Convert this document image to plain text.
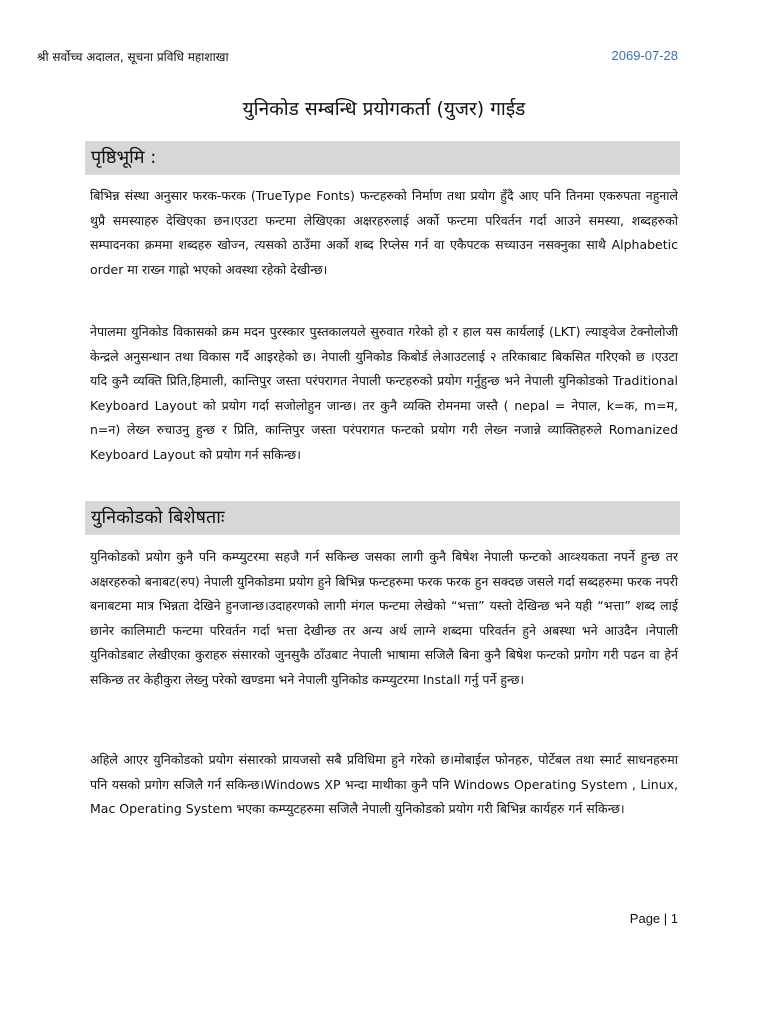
श्री सर्वोच्च अदालत, सूचना प्रविधि महाशाखा	2069-07-28
युनिकोड सम्बन्धि प्रयोगकर्ता (युजर) गाईड
पृष्ठिभूमि :

बिभिन्न संस्था अनुसार फरक-फरक (TrueType Fonts) फन्टहरुको निर्माण तथा प्रयोग हुँदै आए पनि तिनमा एकरुपता नहुनाले थुप्रै समस्याहरु देखिएका छन।एउटा फन्टमा लेखिएका अक्षरहरुलाई अर्को फन्टमा परिवर्तन गर्दा आउने समस्या, शब्दहरुको सम्पादनका क्रममा शब्दहरु खोज्न, त्यसको ठाउँमा अर्को शब्द रिप्लेस गर्न वा एकैपटक सच्याउन नसक्नुका साथै Alphabetic order मा राख्न गाह्रो भएको अवस्था रहेको देखीन्छ।

नेपालमा युनिकोड विकासको क्रम मदन पुरस्कार पुस्तकालयले सुरुवात गरेको हो र हाल यस कार्यलाई (LKT) ल्याङ्वेज टेक्नोलोजी केन्द्रले अनुसन्धान तथा विकास गर्दै आइरहेको छ। नेपाली युनिकोड किबोर्ड लेआउटलाई २ तरिकाबाट बिकसित गरिएको छ ।एउटा यदि कुनै व्यक्ति प्रिति,हिमाली, कान्तिपुर जस्ता परंपरागत नेपाली फन्टहरुको प्रयोग गर्नुहुन्छ भने नेपाली युनिकोडको Traditional Keyboard Layout को प्रयोग गर्दा सजोलोहुन जान्छ। तर कुनै व्यक्ति रोमनमा जस्तै ( nepal = नेपाल, k=क, m=म, n=न) लेख्न रुचाउनु हुन्छ र प्रिति, कान्तिपुर जस्ता परंपरागत फन्टको प्रयोग गरी लेख्न नजान्ने व्याक्तिहरुले Romanized Keyboard Layout को प्रयोग गर्न सकिन्छ।

युनिकोडको बिशेषताः

युनिकोडको प्रयोग कुनै पनि कम्प्युटरमा सहजै गर्न सकिन्छ जसका लागी कुनै बिषेश नेपाली फन्टको आव्श्यकता नपर्ने हुन्छ तर अक्षरहरुको बनाबट(रुप) नेपाली युनिकोडमा प्रयोग हुने बिभिन्न फन्टहरुमा फरक फरक हुन सक्दछ जसले गर्दा सब्दहरुमा फरक नपरी बनाबटमा मात्र भिन्नता देखिने हुनजान्छ।उदाहरणको लागी मंगल फन्टमा लेखेको “भत्ता” यस्तो देखिन्छ भने यही “भत्ता” शब्द लाई छानेर कालिमाटी फन्टमा परिवर्तन गर्दा भत्ता देखीन्छ तर अन्य अर्थ लाग्ने शब्दमा परिवर्तन हुने अबस्था भने आउदैन ।नेपाली युनिकोडबाट लेखीएका कुराहरु संसारको जुनसुकै ठाँउबाट नेपाली भाषामा सजिलै बिना कुनै बिषेश फन्टको प्रगोग गरी पढन वा हेर्न सकिन्छ तर केहीकुरा लेख्नु परेको खण्डमा भने नेपाली युनिकोड कम्प्युटरमा Install गर्नु पर्ने हुन्छ।

अहिले आएर युनिकोडको प्रयोग संसारको प्रायजसो सबै प्रविधिमा हुने गरेको छ।मोबाईल फोनहरु, पोर्टेबल तथा स्मार्ट साधनहरुमा पनि यसको प्रगोग सजिलै गर्न सकिन्छ।Windows XP भन्दा माथीका कुनै पनि Windows Operating System , Linux, Mac Operating System भएका कम्प्युटहरुमा सजिलै नेपाली युनिकोडको प्रयोग गरी बिभिन्न कार्यहरु गर्न सकिन्छ।

Page | 1
